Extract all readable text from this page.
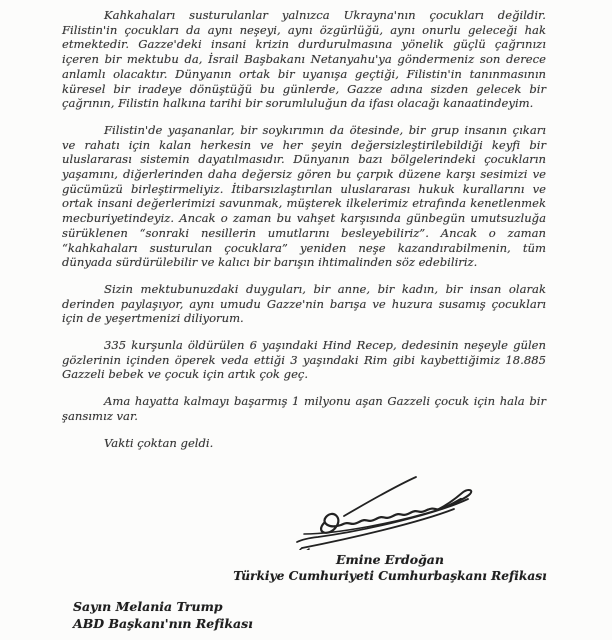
Kahkahaları susturulanlar yalnızca Ukrayna'nın çocukları değildir. Filistin'in çocukları da aynı neşeyi, aynı özgürlüğü, aynı onurlu geleceği hak etmektedir. Gazze'deki insani krizin durdurulmasına yönelik güçlü çağrınızı içeren bir mektubu da, İsrail Başbakanı Netanyahu'ya göndermeniz son derece anlamlı olacaktır. Dünyanın ortak bir uyanışa geçtiği, Filistin'in tanınmasının küresel bir iradeye dönüştüğü bu günlerde, Gazze adına sizden gelecek bir çağrının, Filistin halkına tarihi bir sorumluluğun da ifası olacağı kanaatindeyim.

Filistin'de yaşananlar, bir soykırımın da ötesinde, bir grup insanın çıkarı ve rahatı için kalan herkesin ve her şeyin değersizleştirilebildiği keyfi bir uluslararası sistemin dayatılmasıdır. Dünyanın bazı bölgelerindeki çocukların yaşamını, diğerlerinden daha değersiz gören bu çarpık düzene karşı sesimizi ve gücümüzü birleştirmeliyiz. İtibarsızlaştırılan uluslararası hukuk kurallarını ve ortak insani değerlerimizi savunmak, müşterek ilkelerimiz etrafında kenetlenmek mecburiyetindeyiz. Ancak o zaman bu vahşet karşısında günbegün umutsuzluğa sürüklenen “sonraki nesillerin umutlarını besleyebiliriz”. Ancak o zaman “kahkahaları susturulan çocuklara” yeniden neşe kazandırabilmenin, tüm dünyada sürdürülebilir ve kalıcı bir barışın ihtimalinden söz edebiliriz.

Sizin mektubunuzdaki duyguları, bir anne, bir kadın, bir insan olarak derinden paylaşıyor, aynı umudu Gazze'nin barışa ve huzura susamış çocukları için de yeşertmenizi diliyorum.

335 kurşunla öldürülen 6 yaşındaki Hind Recep, dedesinin neşeyle gülen gözlerinin içinden öperek veda ettiği 3 yaşındaki Rim gibi kaybettiğimiz 18.885 Gazzeli bebek ve çocuk için artık çok geç.

Ama hayatta kalmayı başarmış 1 milyonu aşan Gazzeli çocuk için hala bir şansımız var.

Vakti çoktan geldi.

Emine Erdoğan
Türkiye Cumhuriyeti Cumhurbaşkanı Refikası
Sayın Melania Trump
ABD Başkanı'nın Refikası
